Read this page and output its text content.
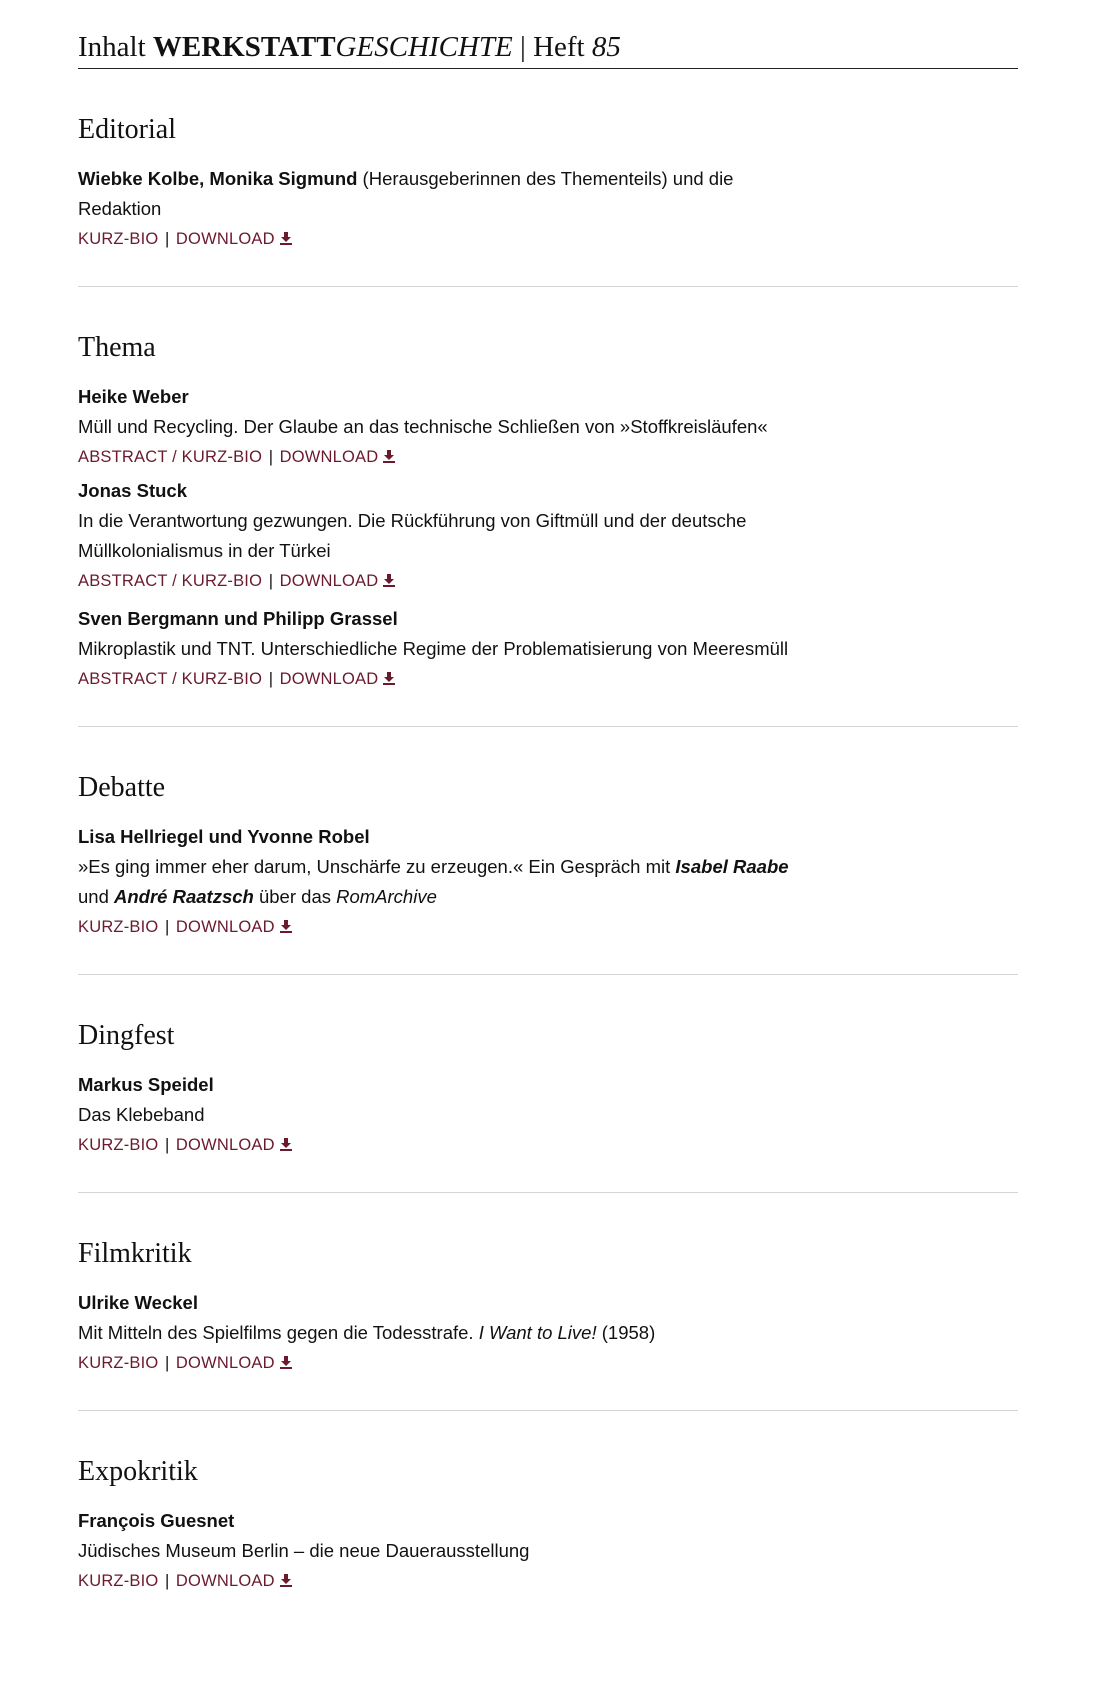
Inhalt WERKSTATTGESCHICHTE | Heft 85
Editorial
Wiebke Kolbe, Monika Sigmund (Herausgeberinnen des Thementeils) und die Redaktion
KURZ-BIO | DOWNLOAD
Thema
Heike Weber
Müll und Recycling. Der Glaube an das technische Schließen von »Stoffkreisläufen«
ABSTRACT / KURZ-BIO | DOWNLOAD
Jonas Stuck
In die Verantwortung gezwungen. Die Rückführung von Giftmüll und der deutsche Müllkolonialismus in der Türkei
ABSTRACT / KURZ-BIO | DOWNLOAD
Sven Bergmann und Philipp Grassel
Mikroplastik und TNT. Unterschiedliche Regime der Problematisierung von Meeresmüll
ABSTRACT / KURZ-BIO | DOWNLOAD
Debatte
Lisa Hellriegel und Yvonne Robel
»Es ging immer eher darum, Unschärfe zu erzeugen.« Ein Gespräch mit Isabel Raabe und André Raatzsch über das RomArchive
KURZ-BIO | DOWNLOAD
Dingfest
Markus Speidel
Das Klebeband
KURZ-BIO | DOWNLOAD
Filmkritik
Ulrike Weckel
Mit Mitteln des Spielfilms gegen die Todesstrafe. I Want to Live! (1958)
KURZ-BIO | DOWNLOAD
Expokritik
François Guesnet
Jüdisches Museum Berlin – die neue Dauerausstellung
KURZ-BIO | DOWNLOAD
